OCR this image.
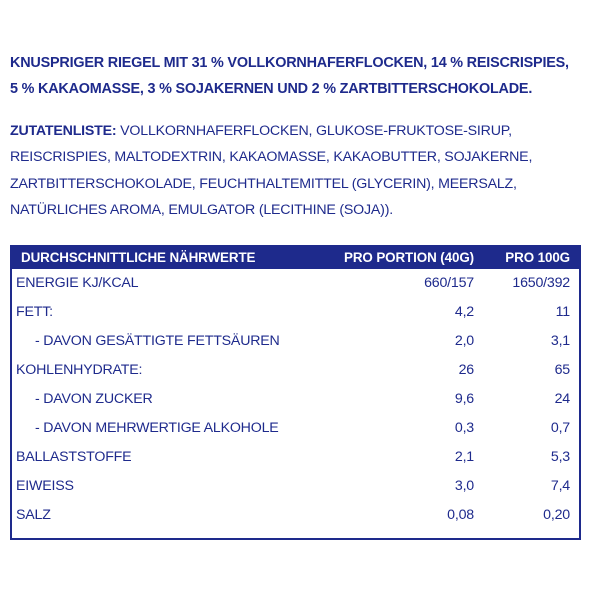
KNUSPRIGER RIEGEL MIT 31 % VOLLKORNHAFERFLOCKEN, 14 % REISCRISPIES,
5 % KAKAOMASSE, 3 % SOJAKERNEN UND 2 % ZARTBITTERSCHOKOLADE.
ZUTATENLISTE: VOLLKORNHAFERFLOCKEN, GLUKOSE-FRUKTOSE-SIRUP,
REISCRISPIES, MALTODEXTRIN, KAKAOMASSE, KAKAOBUTTER, SOJAKERNE,
ZARTBITTERSCHOKOLADE, FEUCHTHALTEMITTEL (GLYCERIN), MEERSALZ,
NATÜRLICHES AROMA, EMULGATOR (LECITHINE (SOJA)).
DURCHSCHNITTLICHE NÄHRWERTE	PRO PORTION (40G)	PRO 100G
ENERGIE KJ/KCAL	660/157	1650/392
FETT:	4,2	11
- DAVON GESÄTTIGTE FETTSÄUREN	2,0	3,1
KOHLENHYDRATE:	26	65
- DAVON ZUCKER	9,6	24
- DAVON MEHRWERTIGE ALKOHOLE	0,3	0,7
BALLASTSTOFFE	2,1	5,3
EIWEISS	3,0	7,4
SALZ	0,08	0,20
